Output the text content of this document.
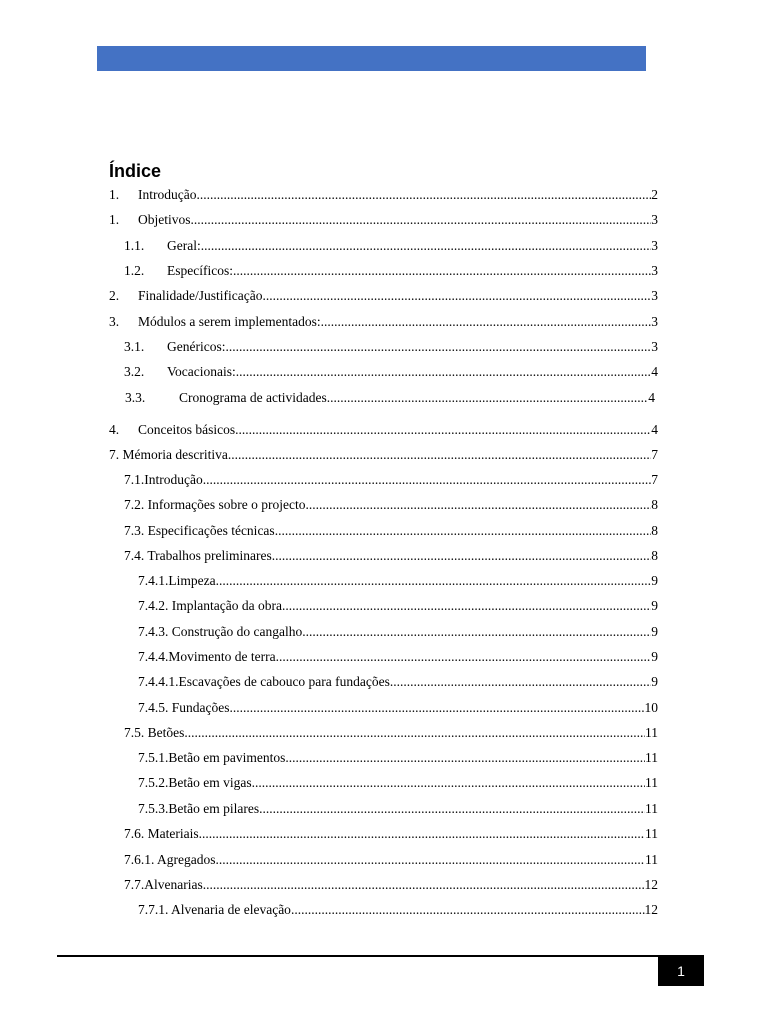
Índice
1.	Introdução .....	2
1.	Objetivos .....	3
1.1.	Geral: .....	3
1.2.	Específicos: .....	3
2.	Finalidade/Justificação .....	3
3.	Módulos a serem implementados: .....	3
3.1.	Genéricos: .....	3
3.2.	Vocacionais: .....	4
3.3.	Cronograma de actividades .....	4
4.	Conceitos básicos .....	4
7. Mémoria descritiva .....	7
7.1.Introdução .....	7
7.2. Informações sobre o projecto .....	8
7.3. Especificações técnicas .....	8
7.4. Trabalhos preliminares .....	8
7.4.1.Limpeza .....	9
7.4.2. Implantação da obra .....	9
7.4.3. Construção do cangalho .....	9
7.4.4.Movimento de terra .....	9
7.4.4.1.Escavações de cabouco para fundações .....	9
7.4.5. Fundações .....	10
7.5. Betões .....	11
7.5.1.Betão em pavimentos .....	11
7.5.2.Betão em vigas .....	11
7.5.3.Betão em pilares .....	11
7.6. Materiais .....	11
7.6.1. Agregados .....	11
7.7.Alvenarias .....	12
7.7.1. Alvenaria de elevação .....	12
1
